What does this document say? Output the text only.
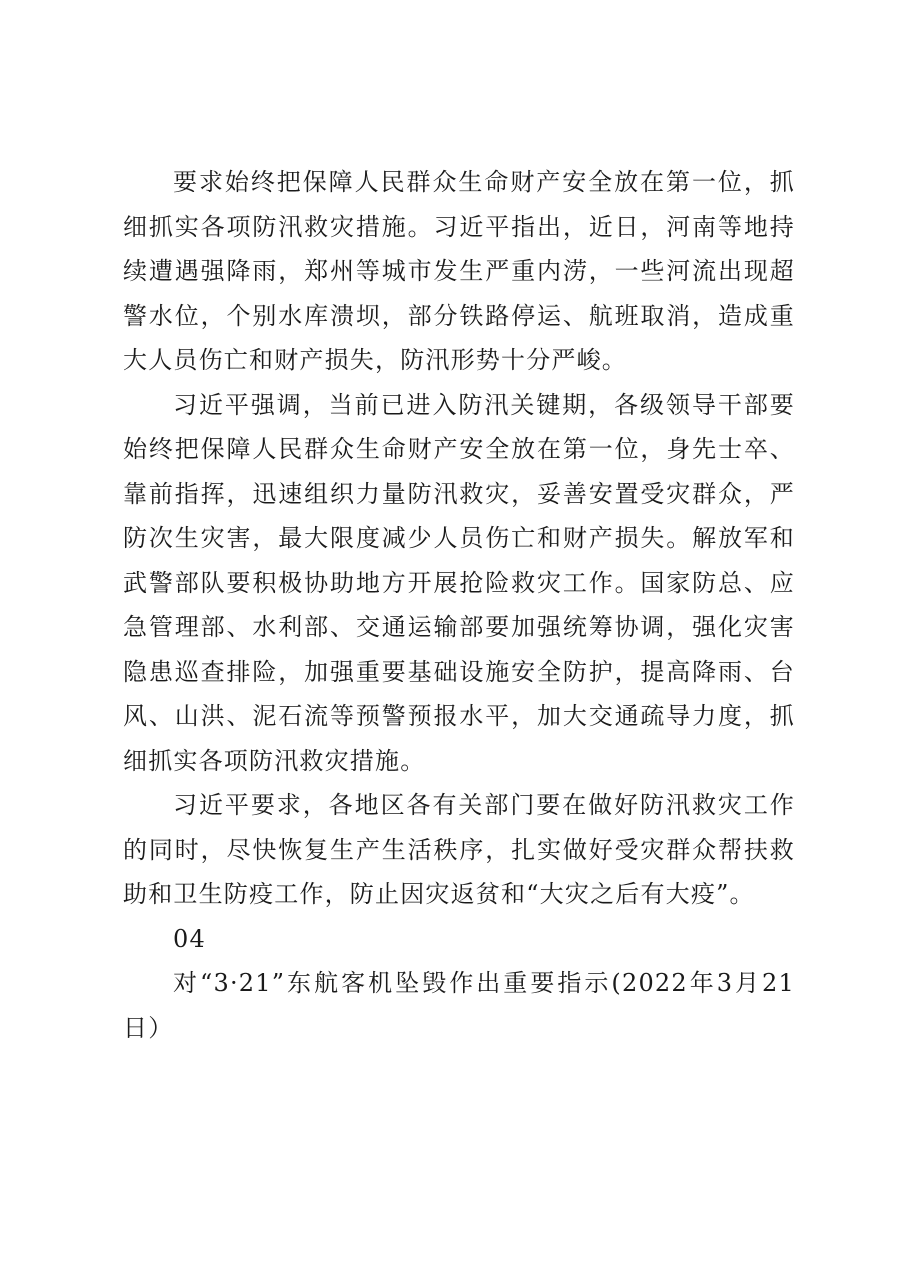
要求始终把保障人民群众生命财产安全放在第一位，抓细抓实各项防汛救灾措施。习近平指出，近日，河南等地持续遭遇强降雨，郑州等城市发生严重内涝，一些河流出现超警水位，个别水库溃坝，部分铁路停运、航班取消，造成重大人员伤亡和财产损失，防汛形势十分严峻。

习近平强调，当前已进入防汛关键期，各级领导干部要始终把保障人民群众生命财产安全放在第一位，身先士卒、靠前指挥，迅速组织力量防汛救灾，妥善安置受灾群众，严防次生灾害，最大限度减少人员伤亡和财产损失。解放军和武警部队要积极协助地方开展抢险救灾工作。国家防总、应急管理部、水利部、交通运输部要加强统筹协调，强化灾害隐患巡查排险，加强重要基础设施安全防护，提高降雨、台风、山洪、泥石流等预警预报水平，加大交通疏导力度，抓细抓实各项防汛救灾措施。

习近平要求，各地区各有关部门要在做好防汛救灾工作的同时，尽快恢复生产生活秩序，扎实做好受灾群众帮扶救助和卫生防疫工作，防止因灾返贫和“大灾之后有大疫”。

04

对“3·21”东航客机坠毁作出重要指示(2022年3月21日）
